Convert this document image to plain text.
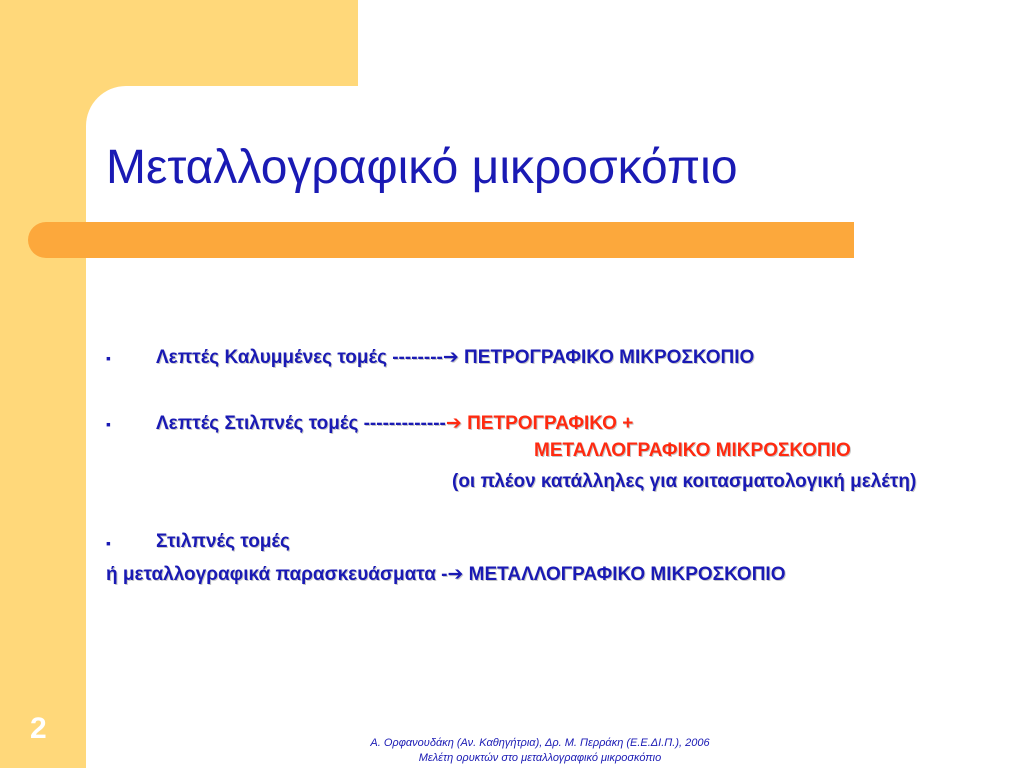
Μεταλλογραφικό μικροσκόπιο
▪ Λεπτές Καλυμμένες τομές --------➔ ΠΕΤΡΟΓΡΑΦΙΚΟ ΜΙΚΡΟΣΚΟΠΙΟ
▪ Λεπτές Στιλπνές τομές -------------➔ ΠΕΤΡΟΓΡΑΦΙΚΟ +
ΜΕΤΑΛΛΟΓΡΑΦΙΚΟ ΜΙΚΡΟΣΚΟΠΙΟ
(οι πλέον κατάλληλες για κοιτασματολογική μελέτη)
▪ Στιλπνές τομές
ή μεταλλογραφικά παρασκευάσματα -➔ ΜΕΤΑΛΛΟΓΡΑΦΙΚΟ ΜΙΚΡΟΣΚΟΠΙΟ
2	Α. Ορφανουδάκη (Αν. Καθηγήτρια), Δρ. Μ. Περράκη (Ε.Ε.ΔΙ.Π.), 2006
Μελέτη ορυκτών στο μεταλλογραφικό μικροσκόπιο
